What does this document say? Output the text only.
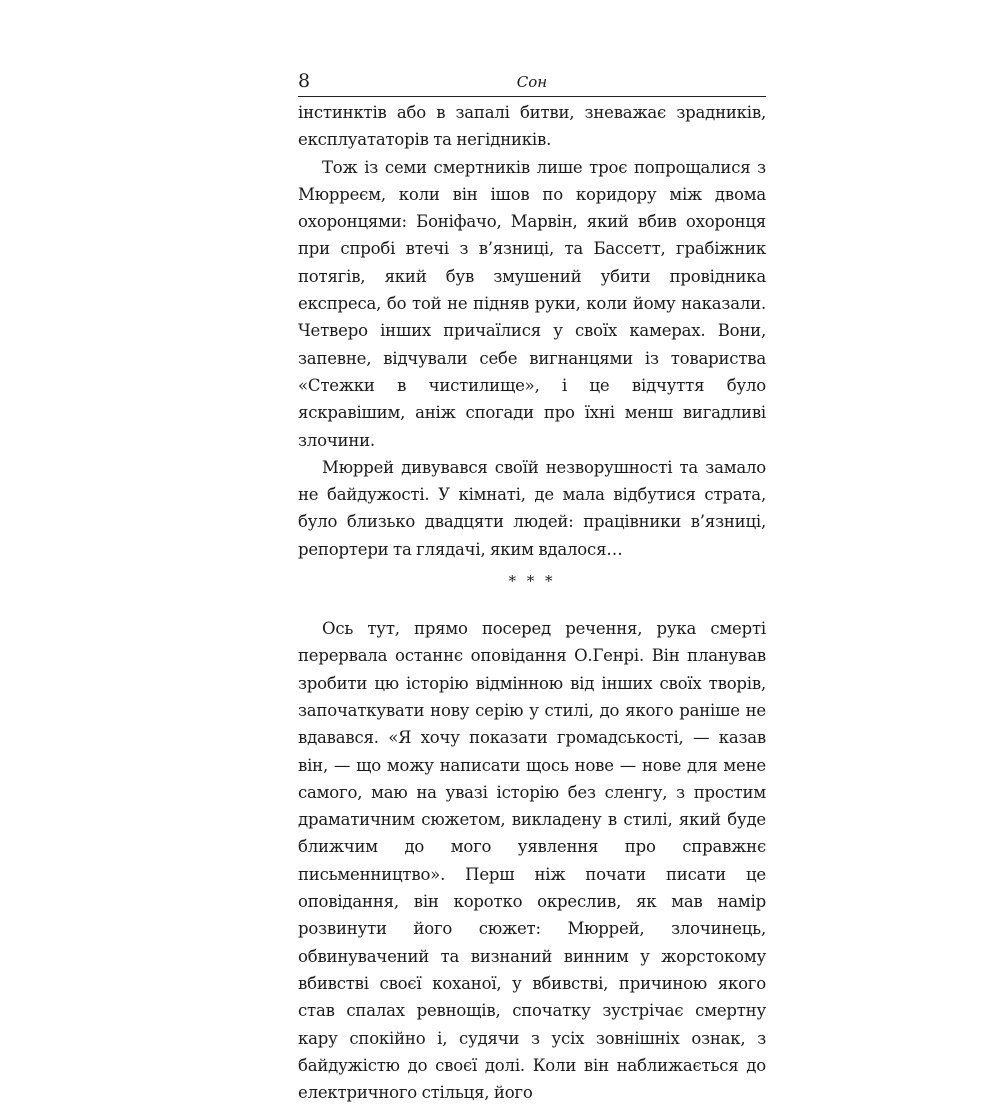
8	Сон

інстинктів або в запалі битви, зневажає зрадників, експлуататорів та негідників.

Тож із семи смертників лише троє попрощалися з Мюрреєм, коли він ішов по коридору між двома охоронцями: Боніфачо, Марвін, який вбив охоронця при спробі втечі з в’язниці, та Бассетт, грабіжник потягів, який був змушений убити провідника експреса, бо той не підняв руки, коли йому наказали. Четверо інших причаїлися у своїх камерах. Вони, запевне, відчували себе вигнанцями із товариства «Стежки в чистилище», і це відчуття було яскравішим, аніж спогади про їхні менш вигадливі злочини.

Мюррей дивувався своїй незворушності та замало не байдужості. У кімнаті, де мала відбутися страта, було близько двадцяти людей: працівники в’язниці, репортери та глядачі, яким вдалося…

* * *

Ось тут, прямо посеред речення, рука смерті перервала останнє оповідання О.Генрі. Він планував зробити цю історію відмінною від інших своїх творів, започаткувати нову серію у стилі, до якого раніше не вдавався. «Я хочу показати громадськості, — казав він, — що можу написати щось нове — нове для мене самого, маю на увазі історію без сленгу, з простим драматичним сюжетом, викладену в стилі, який буде ближчим до мого уявлення про справжнє письменництво». Перш ніж почати писати це оповідання, він коротко окреслив, як мав намір розвинути його сюжет: Мюррей, злочинець, обвинувачений та визнаний винним у жорстокому вбивстві своєї коханої, у вбивстві, причиною якого став спалах ревнощів, спочатку зустрічає смертну кару спокійно і, судячи з усіх зовнішніх ознак, з байдужістю до своєї долі. Коли він наближається до електричного стільця, його
